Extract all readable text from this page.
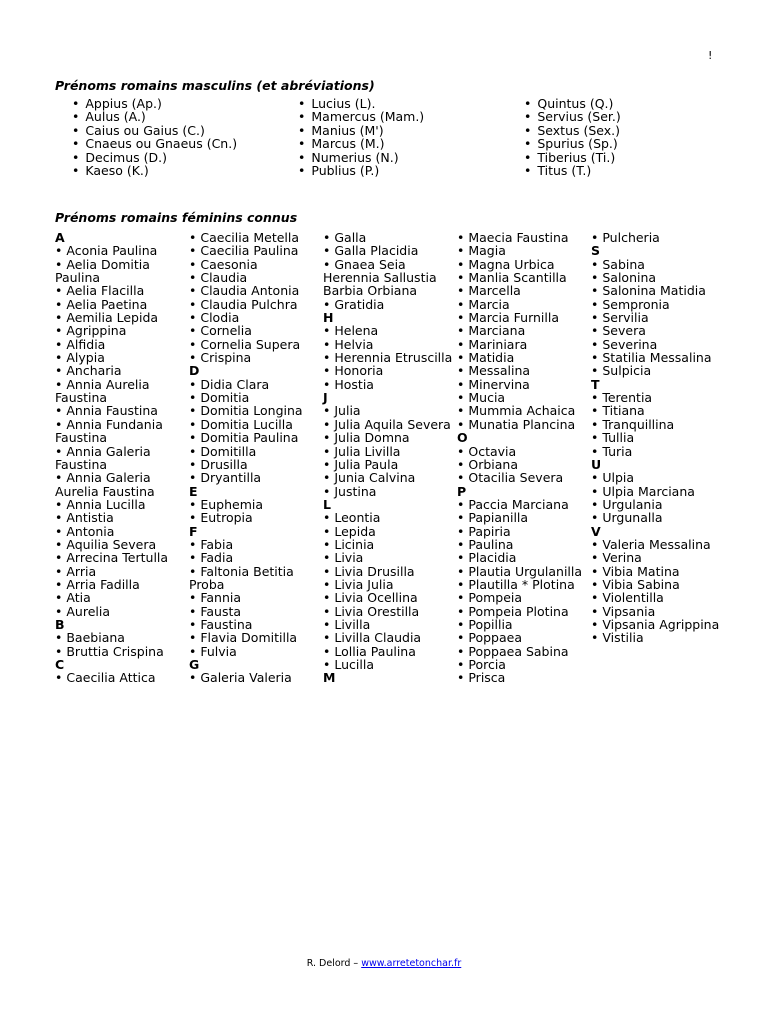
!
Prénoms romains masculins (et abréviations)
• Appius (Ap.)
• Aulus (A.)
• Caius ou Gaius (C.)
• Cnaeus ou Gnaeus (Cn.)
• Decimus (D.)
• Kaeso (K.)
• Lucius (L).
• Mamercus (Mam.)
• Manius (M')
• Marcus (M.)
• Numerius (N.)
• Publius (P.)
• Quintus (Q.)
• Servius (Ser.)
• Sextus (Sex.)
• Spurius (Sp.)
• Tiberius (Ti.)
• Titus (T.)
Prénoms romains féminins connus
A
• Aconia Paulina
• Aelia Domitia Paulina
• Aelia Flacilla
• Aelia Paetina
• Aemilia Lepida
• Agrippina
• Alfidia
• Alypia
• Ancharia
• Annia Aurelia Faustina
• Annia Faustina
• Annia Fundania Faustina
• Annia Galeria Faustina
• Annia Galeria Aurelia Faustina
• Annia Lucilla
• Antistia
• Antonia
• Aquilia Severa
• Arrecina Tertulla
• Arria
• Arria Fadilla
• Atia
• Aurelia
B
• Baebiana
• Bruttia Crispina
C
• Caecilia Attica
• Caecilia Metella
• Caecilia Paulina
• Caesonia
• Claudia
• Claudia Antonia
• Claudia Pulchra
• Clodia
• Cornelia
• Cornelia Supera
• Crispina
D
• Didia Clara
• Domitia
• Domitia Longina
• Domitia Lucilla
• Domitia Paulina
• Domitilla
• Drusilla
• Dryantilla
E
• Euphemia
• Eutropia
F
• Fabia
• Fadia
• Faltonia Betitia Proba
• Fannia
• Fausta
• Faustina
• Flavia Domitilla
• Fulvia
G
• Galeria Valeria
• Galla
• Galla Placidia
• Gnaea Seia Herennia Sallustia Barbia Orbiana
• Gratidia
H
• Helena
• Helvia
• Herennia Etruscilla
• Honoria
• Hostia
J
• Julia
• Julia Aquila Severa
• Julia Domna
• Julia Livilla
• Julia Paula
• Junia Calvina
• Justina
L
• Leontia
• Lepida
• Licinia
• Livia
• Livia Drusilla
• Livia Julia
• Livia Ocellina
• Livia Orestilla
• Livilla
• Livilla Claudia
• Lollia Paulina
• Lucilla
M
• Maecia Faustina
• Magia
• Magna Urbica
• Manlia Scantilla
• Marcella
• Marcia
• Marcia Furnilla
• Marciana
• Mariniara
• Matidia
• Messalina
• Minervina
• Mucia
• Mummia Achaica
• Munatia Plancina
O
• Octavia
• Orbiana
• Otacilia Severa
P
• Paccia Marciana
• Papianilla
• Papiria
• Paulina
• Placidia
• Plautia Urgulanilla
• Plautilla * Plotina
• Pompeia
• Pompeia Plotina
• Popillia
• Poppaea
• Poppaea Sabina
• Porcia
• Prisca
• Pulcheria
S
• Sabina
• Salonina
• Salonina Matidia
• Sempronia
• Servilia
• Severa
• Severina
• Statilia Messalina
• Sulpicia
T
• Terentia
• Titiana
• Tranquillina
• Tullia
• Turia
U
• Ulpia
• Ulpia Marciana
• Urgulania
• Urgunalla
V
• Valeria Messalina
• Verina
• Vibia Matina
• Vibia Sabina
• Violentilla
• Vipsania
• Vipsania Agrippina
• Vistilia
R. Delord – www.arretetonchar.fr
